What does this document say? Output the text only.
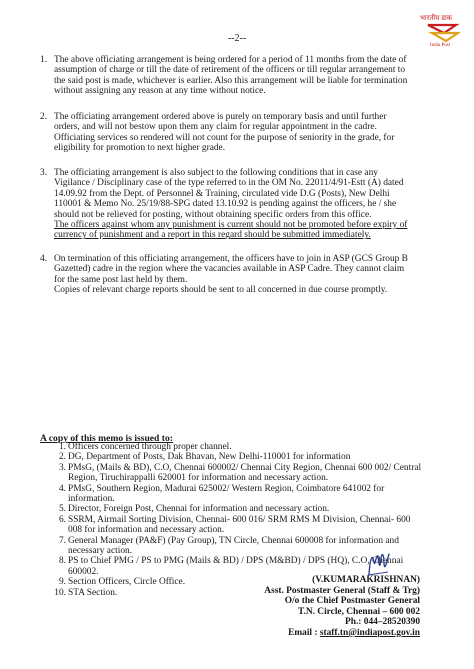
--2--
भारतीय डाक
India Post
1. The above officiating arrangement is being ordered for a period of 11 months from the date of

assumption of charge or till the date of retirement of the officers or till regular arrangement to

the said post is made, whichever is earlier. Also this arrangement will be liable for termination

without assigning any reason at any time without notice.

2. The officiating arrangement ordered above is purely on temporary basis and until further

orders, and will not bestow upon them any claim for regular appointment in the cadre.

Officiating services so rendered will not count for the purpose of seniority in the grade, for

eligibility for promotion to next higher grade.

3. The officiating arrangement is also subject to the following conditions that in case any

Vigilance / Disciplinary case of the type referred to in the OM No. 22011/4/91-Estt (A) dated

14.09.92 from the Dept. of Personnel & Training, circulated vide D.G (Posts), New Delhi

110001 & Memo No. 25/19/88-SPG dated 13.10.92 is pending against the officers, he / she

should not be relieved for posting, without obtaining specific orders from this office.

The officers against whom any punishment is current should not be promoted before expiry of

currency of punishment and a report in this regard should be submitted immediately.

4. On termination of this officiating arrangement, the officers have to join in ASP (GCS Group B

Gazetted) cadre in the region where the vacancies available in ASP Cadre. They cannot claim

for the same post last held by them.

Copies of relevant charge reports should be sent to all concerned in due course promptly.

A copy of this memo is issued to:
1. Officers concerned through proper channel.
2. DG, Department of Posts, Dak Bhavan, New Delhi-110001 for information
3. PMsG, (Mails & BD), C.O, Chennai 600002/ Chennai City Region, Chennai 600 002/ Central
Region, Tiruchirappalli 620001 for information and necessary action.
4. PMsG, Southern Region, Madurai 625002/ Western Region, Coimbatore 641002 for
information.
5. Director, Foreign Post, Chennai for information and necessary action.
6. SSRM, Airmail Sorting Division, Chennai- 600 016/ SRM RMS M Division, Chennai- 600
008 for information and necessary action.
7. General Manager (PA&F) (Pay Group), TN Circle, Chennai 600008 for information and
necessary action.
8. PS to Chief PMG / PS to PMG (Mails & BD) / DPS (M&BD) / DPS (HQ), C.O, Chennai
600002.
9. Section Officers, Circle Office.
10. STA Section.
(V.KUMARAKRISHNAN)
Asst. Postmaster General (Staff & Trg)
O/o the Chief Postmaster General
T.N. Circle, Chennai – 600 002
Ph.: 044–28520390
Email : staff.tn@indiapost.gov.in
